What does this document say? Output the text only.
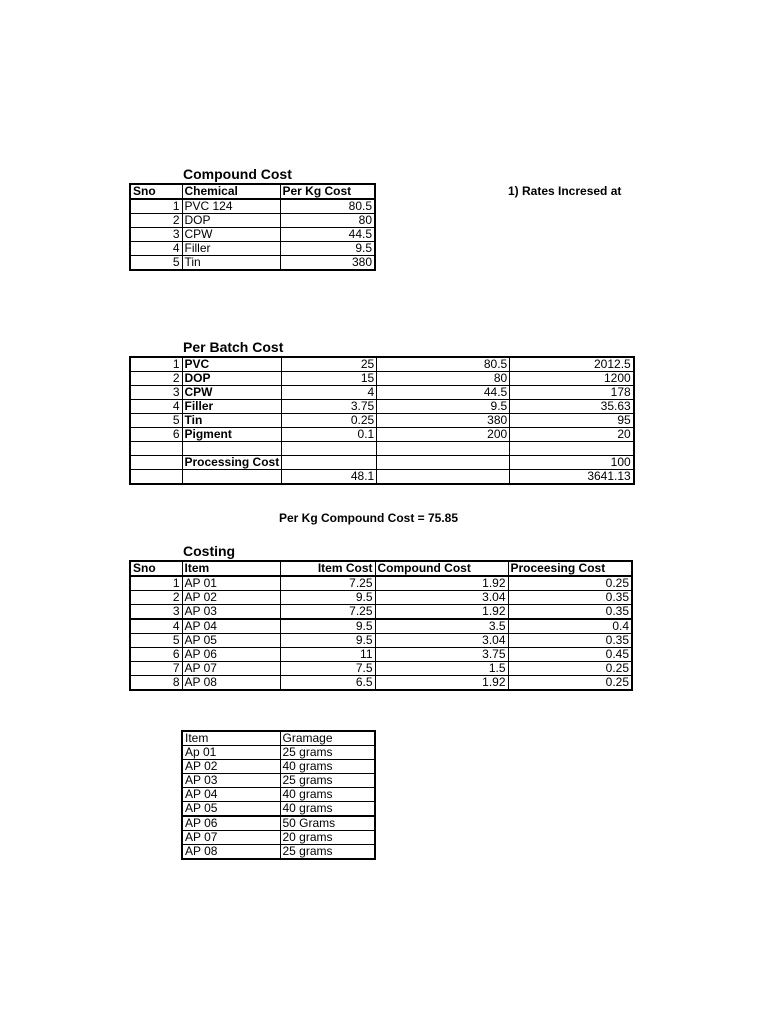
Compound Cost
Sno	Chemical	Per Kg Cost
1	PVC 124	80.5
2	DOP	80
3	CPW	44.5
4	Filler	9.5
5	Tin	380
1) Rates Incresed at
Per Batch Cost
1	PVC	25	80.5	2012.5
2	DOP	15	80	1200
3	CPW	4	44.5	178
4	Filler	3.75	9.5	35.63
5	Tin	0.25	380	95
6	Pigment	0.1	200	20

	Processing Cost			100
		48.1		3641.13
Per Kg Compound Cost = 75.85
Costing
Sno	Item	Item Cost	Compound Cost	Proceesing Cost
1	AP 01	7.25	1.92	0.25
2	AP 02	9.5	3.04	0.35
3	AP 03	7.25	1.92	0.35
4	AP 04	9.5	3.5	0.4
5	AP 05	9.5	3.04	0.35
6	AP 06	11	3.75	0.45
7	AP 07	7.5	1.5	0.25
8	AP 08	6.5	1.92	0.25
Item	Gramage
Ap 01	25 grams
AP 02	40 grams
AP 03	25 grams
AP 04	40 grams
AP 05	40 grams
AP 06	50 Grams
AP 07	20 grams
AP 08	25 grams
